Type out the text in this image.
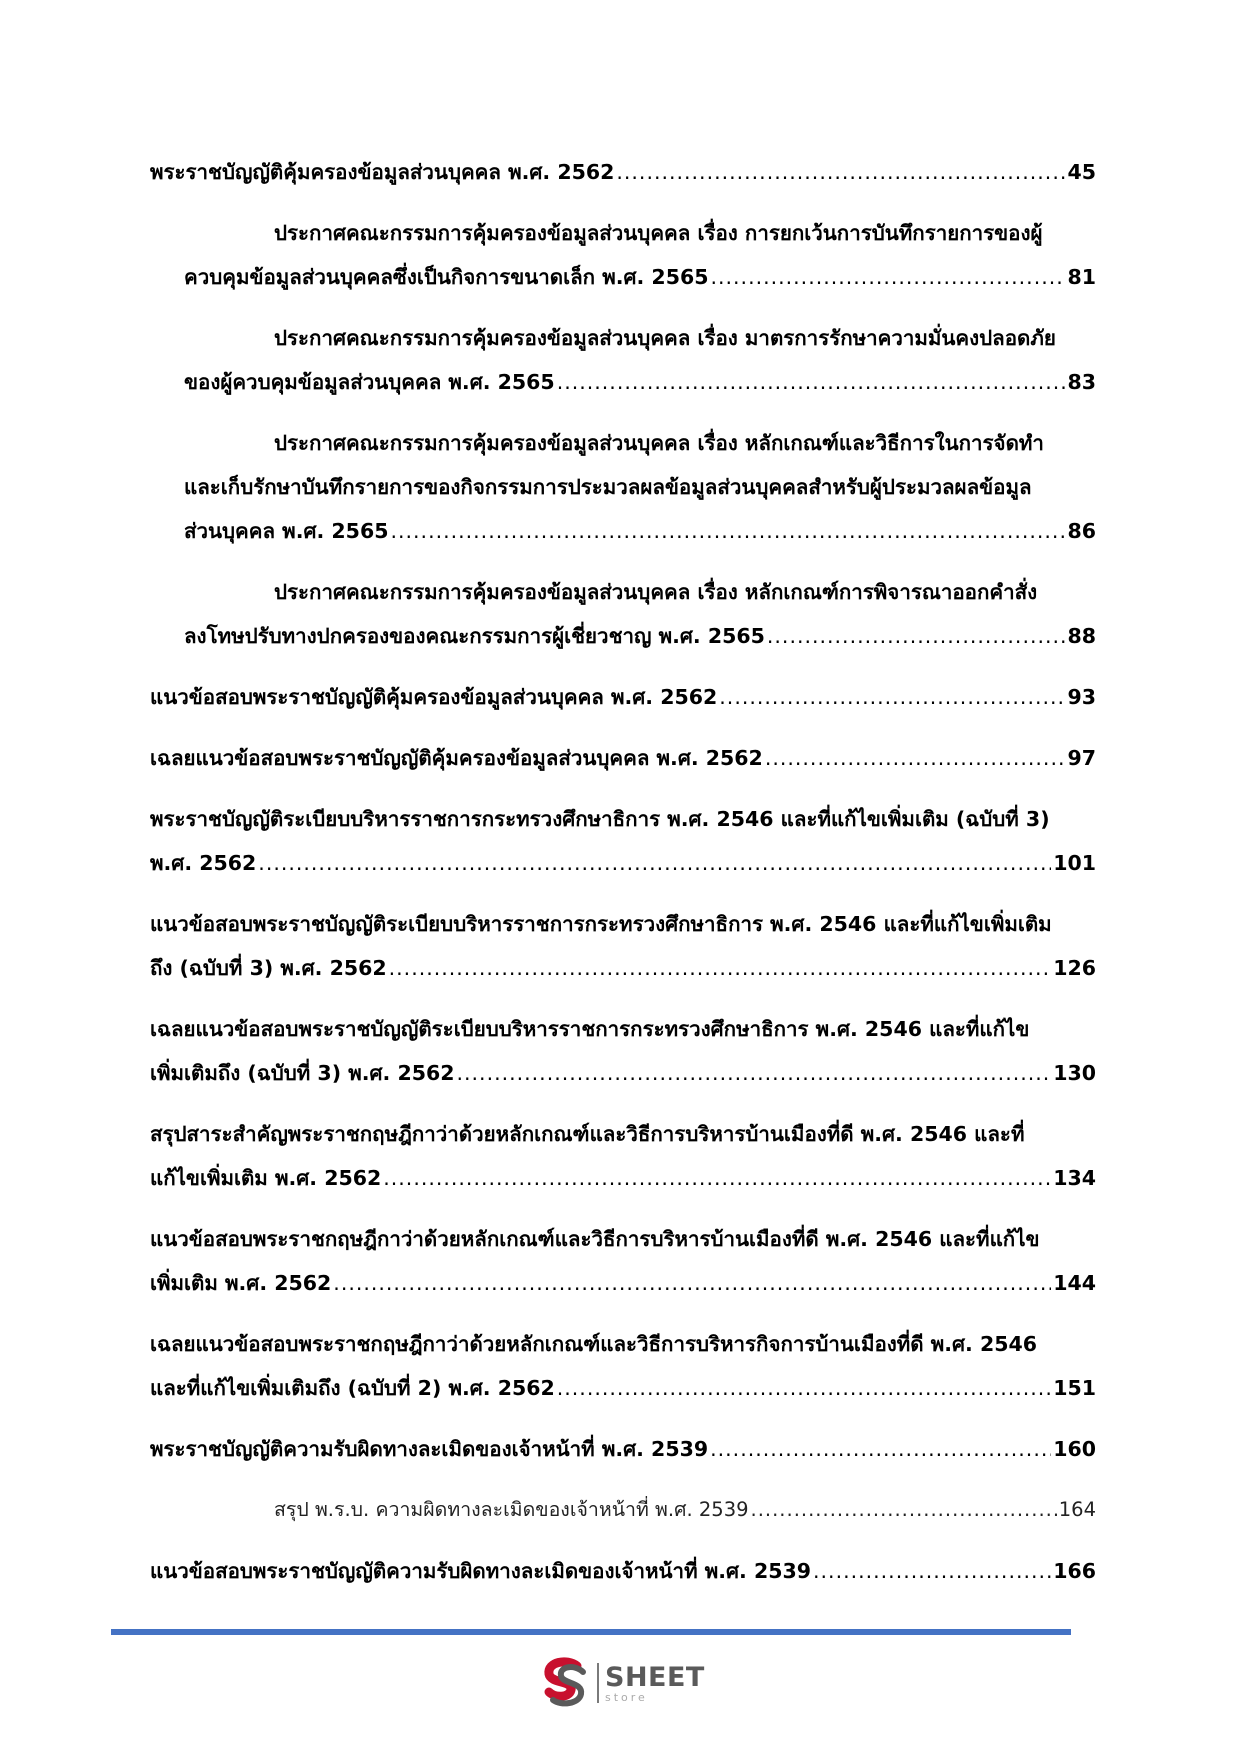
พระราชบัญญัติคุ้มครองข้อมูลส่วนบุคคล พ.ศ. 2562 .....	45
ประกาศคณะกรรมการคุ้มครองข้อมูลส่วนบุคคล เรื่อง การยกเว้นการบันทึกรายการของผู้
ควบคุมข้อมูลส่วนบุคคลซึ่งเป็นกิจการขนาดเล็ก พ.ศ. 2565 .....	81
ประกาศคณะกรรมการคุ้มครองข้อมูลส่วนบุคคล เรื่อง มาตรการรักษาความมั่นคงปลอดภัย
ของผู้ควบคุมข้อมูลส่วนบุคคล พ.ศ. 2565 .....	83
ประกาศคณะกรรมการคุ้มครองข้อมูลส่วนบุคคล เรื่อง หลักเกณฑ์และวิธีการในการจัดทำ
และเก็บรักษาบันทึกรายการของกิจกรรมการประมวลผลข้อมูลส่วนบุคคลสำหรับผู้ประมวลผลข้อมูล
ส่วนบุคคล พ.ศ. 2565 .....	86
ประกาศคณะกรรมการคุ้มครองข้อมูลส่วนบุคคล เรื่อง หลักเกณฑ์การพิจารณาออกคำสั่ง
ลงโทษปรับทางปกครองของคณะกรรมการผู้เชี่ยวชาญ พ.ศ. 2565 .....	88
แนวข้อสอบพระราชบัญญัติคุ้มครองข้อมูลส่วนบุคคล พ.ศ. 2562 .....	93
เฉลยแนวข้อสอบพระราชบัญญัติคุ้มครองข้อมูลส่วนบุคคล พ.ศ. 2562 .....	97
พระราชบัญญัติระเบียบบริหารราชการกระทรวงศึกษาธิการ พ.ศ. 2546 และที่แก้ไขเพิ่มเติม (ฉบับที่ 3)
พ.ศ. 2562 .....	101
แนวข้อสอบพระราชบัญญัติระเบียบบริหารราชการกระทรวงศึกษาธิการ พ.ศ. 2546 และที่แก้ไขเพิ่มเติม
ถึง (ฉบับที่ 3) พ.ศ. 2562 .....	126
เฉลยแนวข้อสอบพระราชบัญญัติระเบียบบริหารราชการกระทรวงศึกษาธิการ พ.ศ. 2546 และที่แก้ไข
เพิ่มเติมถึง (ฉบับที่ 3) พ.ศ. 2562 .....	130
สรุปสาระสำคัญพระราชกฤษฎีกาว่าด้วยหลักเกณฑ์และวิธีการบริหารบ้านเมืองที่ดี พ.ศ. 2546 และที่
แก้ไขเพิ่มเติม พ.ศ. 2562 .....	134
แนวข้อสอบพระราชกฤษฎีกาว่าด้วยหลักเกณฑ์และวิธีการบริหารบ้านเมืองที่ดี พ.ศ. 2546 และที่แก้ไข
เพิ่มเติม พ.ศ. 2562 .....	144
เฉลยแนวข้อสอบพระราชกฤษฎีกาว่าด้วยหลักเกณฑ์และวิธีการบริหารกิจการบ้านเมืองที่ดี พ.ศ. 2546
และที่แก้ไขเพิ่มเติมถึง (ฉบับที่ 2) พ.ศ. 2562 .....	151
พระราชบัญญัติความรับผิดทางละเมิดของเจ้าหน้าที่ พ.ศ. 2539 .....	160
สรุป พ.ร.บ. ความผิดทางละเมิดของเจ้าหน้าที่ พ.ศ. 2539 .....	164
แนวข้อสอบพระราชบัญญัติความรับผิดทางละเมิดของเจ้าหน้าที่ พ.ศ. 2539 .....	166
SHEET
store
